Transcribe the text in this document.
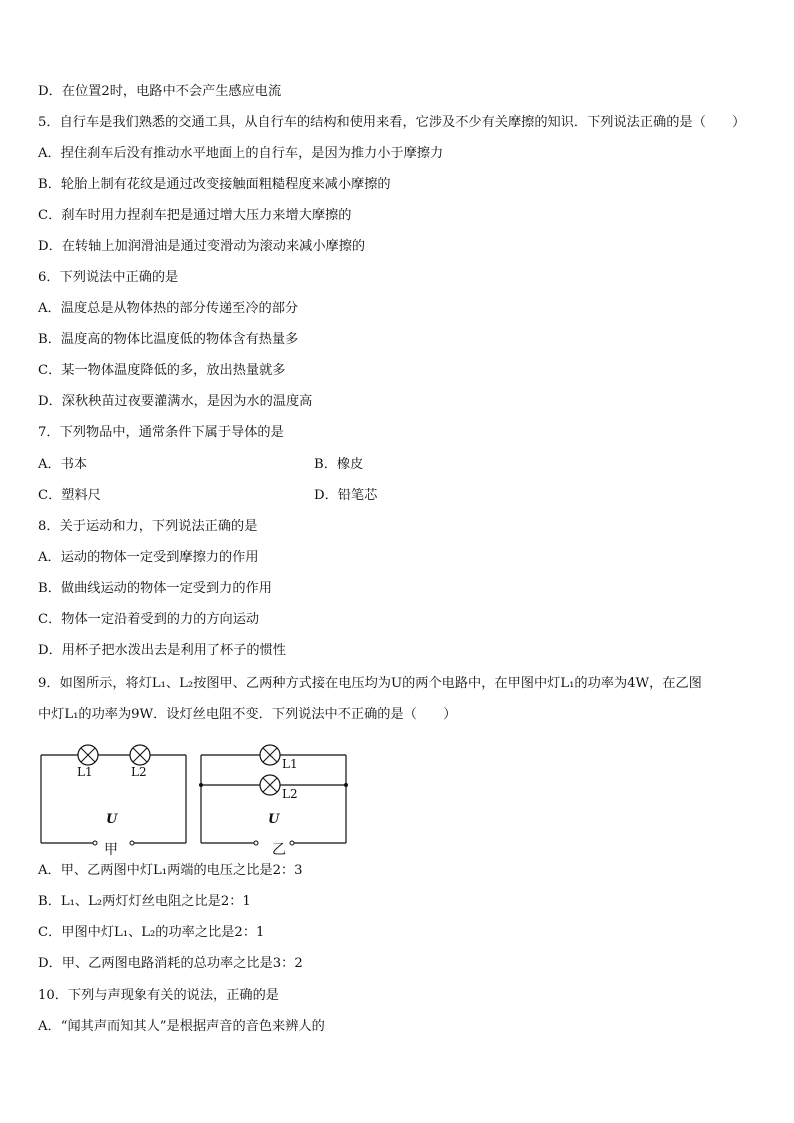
D．在位置2时，电路中不会产生感应电流
5．自行车是我们熟悉的交通工具，从自行车的结构和使用来看，它涉及不少有关摩擦的知识．下列说法正确的是（　　）
A．捏住刹车后没有推动水平地面上的自行车，是因为推力小于摩擦力
B．轮胎上制有花纹是通过改变接触面粗糙程度来减小摩擦的
C．刹车时用力捏刹车把是通过增大压力来增大摩擦的
D．在转轴上加润滑油是通过变滑动为滚动来减小摩擦的
6．下列说法中正确的是
A．温度总是从物体热的部分传递至冷的部分
B．温度高的物体比温度低的物体含有热量多
C．某一物体温度降低的多，放出热量就多
D．深秋秧苗过夜要灌满水，是因为水的温度高
7．下列物品中，通常条件下属于导体的是
A．书本	B．橡皮
C．塑料尺	D．铅笔芯
8．关于运动和力，下列说法正确的是
A．运动的物体一定受到摩擦力的作用
B．做曲线运动的物体一定受到力的作用
C．物体一定沿着受到的力的方向运动
D．用杯子把水泼出去是利用了杯子的惯性
9．如图所示，将灯L₁、L₂按图甲、乙两种方式接在电压均为U的两个电路中，在甲图中灯L₁的功率为4W，在乙图
中灯L₁的功率为9W．设灯丝电阻不变．下列说法中不正确的是（　　）
L1	L2
U
L1
L2
U
甲	乙
A．甲、乙两图中灯L₁两端的电压之比是2：3
B．L₁、L₂两灯灯丝电阻之比是2：1
C．甲图中灯L₁、L₂的功率之比是2：1
D．甲、乙两图电路消耗的总功率之比是3：2
10．下列与声现象有关的说法，正确的是
A．“闻其声而知其人”是根据声音的音色来辨人的
